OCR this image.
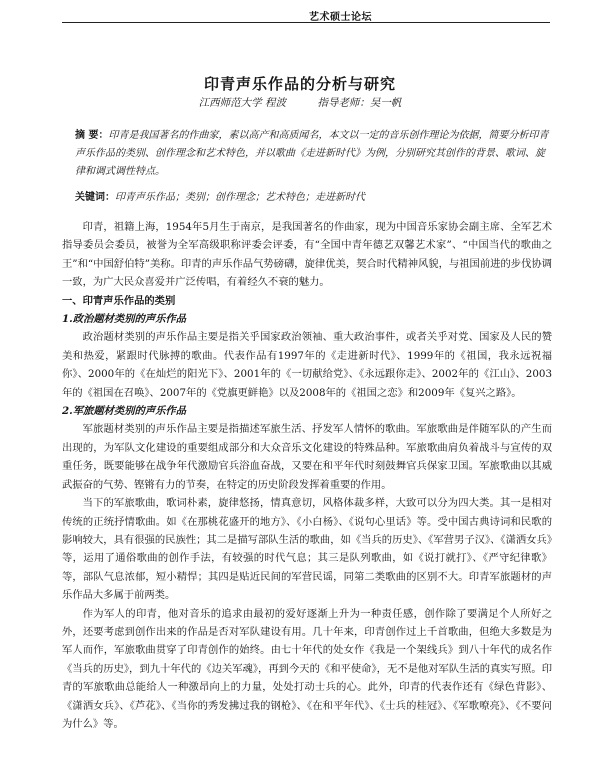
艺术硕士论坛
印青声乐作品的分析与研究
江西师范大学 程波	指导老师：吴一帆
摘 要：印青是我国著名的作曲家，素以高产和高质闻名，本文以一定的音乐创作理论为依据，简要分析印青声乐作品的类别、创作理念和艺术特色，并以歌曲《走进新时代》为例，分别研究其创作的背景、歌词、旋律和调式调性特点。
关键词：印青声乐作品；类别；创作理念；艺术特色；走进新时代

印青，祖籍上海，1954年5月生于南京，是我国著名的作曲家，现为中国音乐家协会副主席、全军艺术指导委员会委员，被誉为全军高级职称评委会评委，有“全国中青年德艺双馨艺术家”、“中国当代的歌曲之王”和“中国舒伯特”美称。印青的声乐作品气势磅礴，旋律优美，契合时代精神风貌，与祖国前进的步伐协调一致，为广大民众喜爱并广泛传唱，有着经久不衰的魅力。

一、印青声乐作品的类别
1.政治题材类别的声乐作品

政治题材类别的声乐作品主要是指关乎国家政治领袖、重大政治事件，或者关乎对党、国家及人民的赞美和热爱，紧跟时代脉搏的歌曲。代表作品有1997年的《走进新时代》、1999年的《祖国，我永远祝福你》、2000年的《在灿烂的阳光下》、2001年的《一切献给党》、《永远跟你走》、2002年的《江山》、2003年的《祖国在召唤》、2007年的《党旗更鲜艳》以及2008年的《祖国之恋》和2009年《复兴之路》。

2.军旅题材类别的声乐作品

军旅题材类别的声乐作品主要是指描述军旅生活、抒发军人情怀的歌曲。军旅歌曲是伴随军队的产生而出现的，为军队文化建设的重要组成部分和大众音乐文化建设的特殊品种。军旅歌曲肩负着战斗与宣传的双重任务，既要能够在战争年代激励官兵浴血奋战，又要在和平年代时刻鼓舞官兵保家卫国。军旅歌曲以其威武振奋的气势、铿锵有力的节奏，在特定的历史阶段发挥着重要的作用。

当下的军旅歌曲，歌词朴素，旋律悠扬，情真意切，风格体裁多样，大致可以分为四大类。其一是相对传统的正统抒情歌曲。如《在那桃花盛开的地方》、《小白杨》、《说句心里话》等。受中国古典诗词和民歌的影响较大，具有很强的民族性；其二是描写部队生活的歌曲，如《当兵的历史》、《军营男子汉》、《潇洒女兵》等，运用了通俗歌曲的创作手法，有较强的时代气息；其三是队列歌曲，如《说打就打》、《严守纪律歌》等，部队气息浓郁，短小精悍；其四是贴近民间的军营民谣，同第二类歌曲的区别不大。印青军旅题材的声乐作品大多属于前两类。

作为军人的印青，他对音乐的追求由最初的爱好逐渐上升为一种责任感，创作除了要满足个人所好之外，还要考虑到创作出来的作品是否对军队建设有用。几十年来，印青创作过上千首歌曲，但绝大多数是为军人而作，军旅歌曲贯穿了印青创作的始终。由七十年代的处女作《我是一个架线兵》到八十年代的成名作《当兵的历史》，到九十年代的《边关军魂》，再到今天的《和平使命》，无不是他对军队生活的真实写照。印青的军旅歌曲总能给人一种激昂向上的力量，处处打动士兵的心。此外，印青的代表作还有《绿色背影》、《潇洒女兵》、《芦花》、《当你的秀发拂过我的钢枪》、《在和平年代》、《士兵的桂冠》、《军歌嘹亮》、《不要问为什么》等。
